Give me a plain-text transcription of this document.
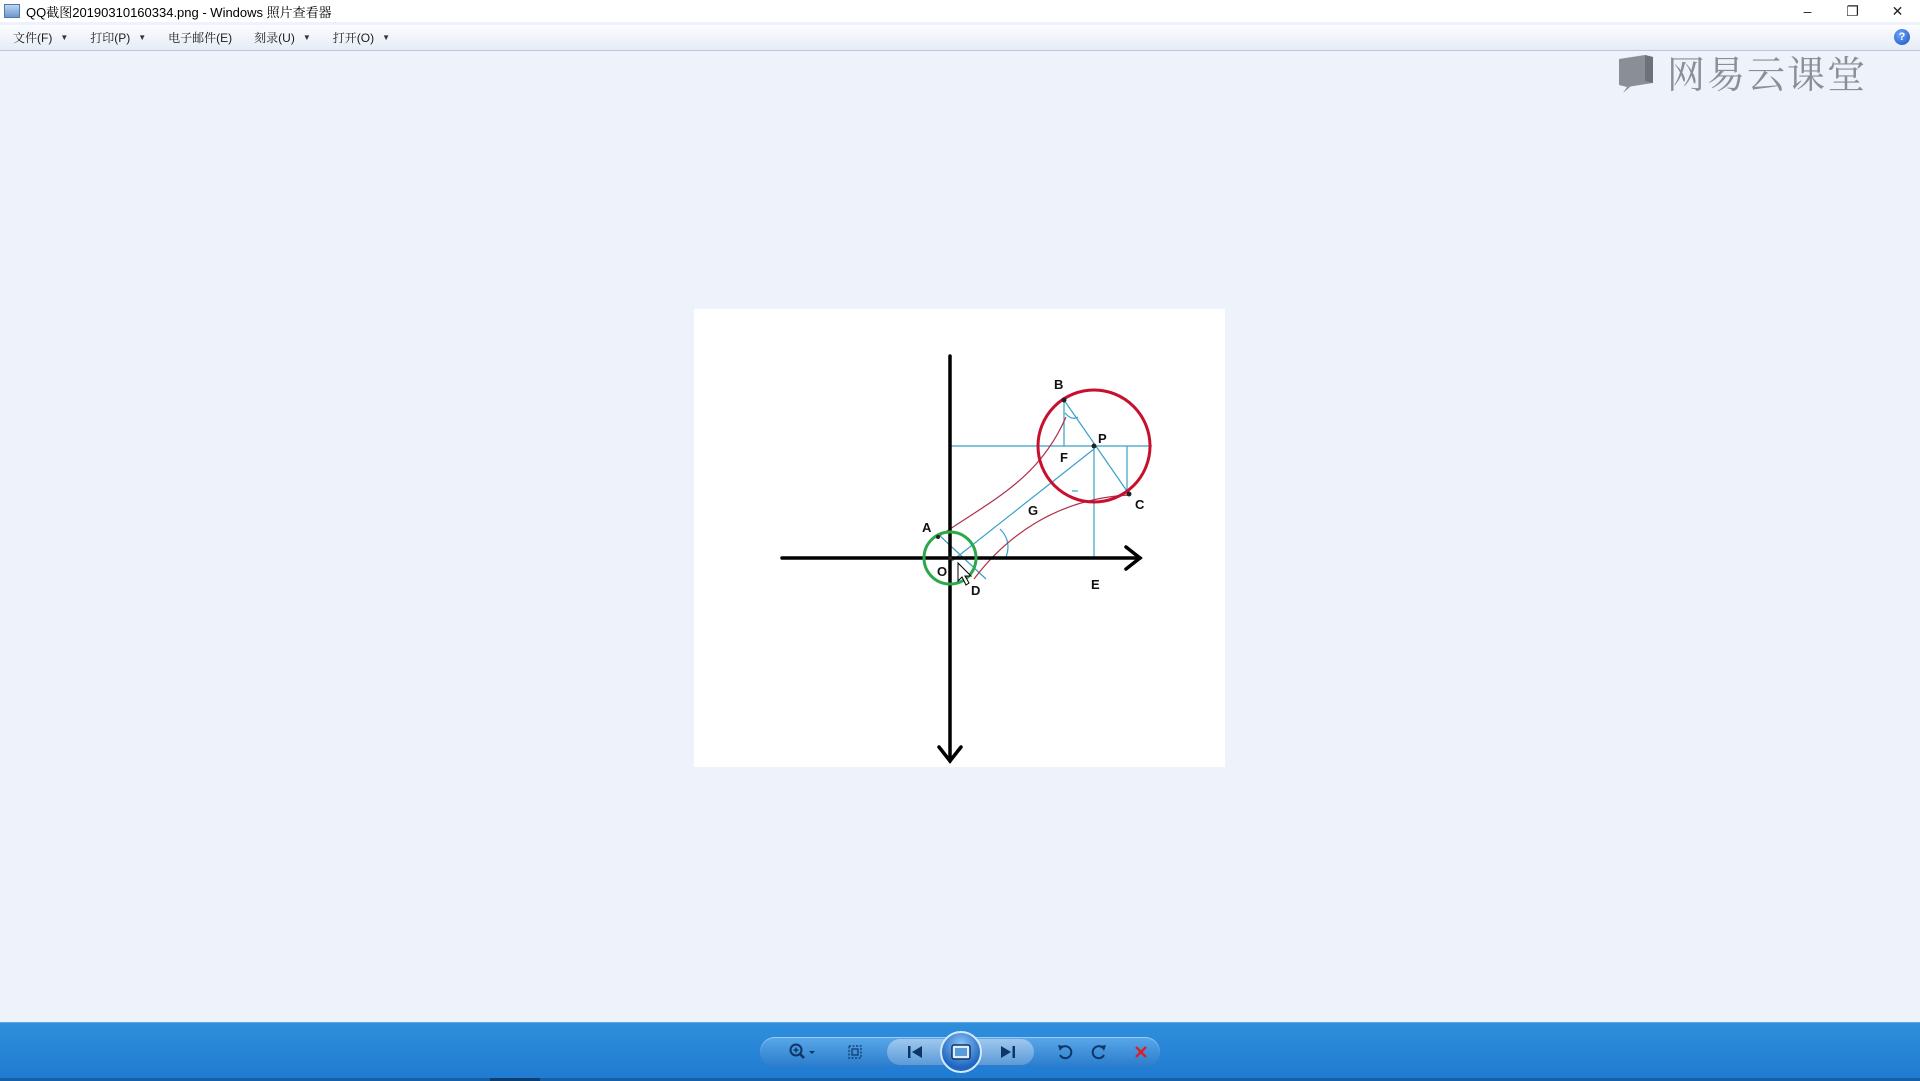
QQ截图20190310160334.png - Windows 照片查看器	–	❐	✕
文件(F) ▼ 打印(P) ▼ 电子邮件(E) 刻录(U) ▼ 打开(O) ▼	?
网易云课堂
B
P
F
C
G
A
O
D	E
